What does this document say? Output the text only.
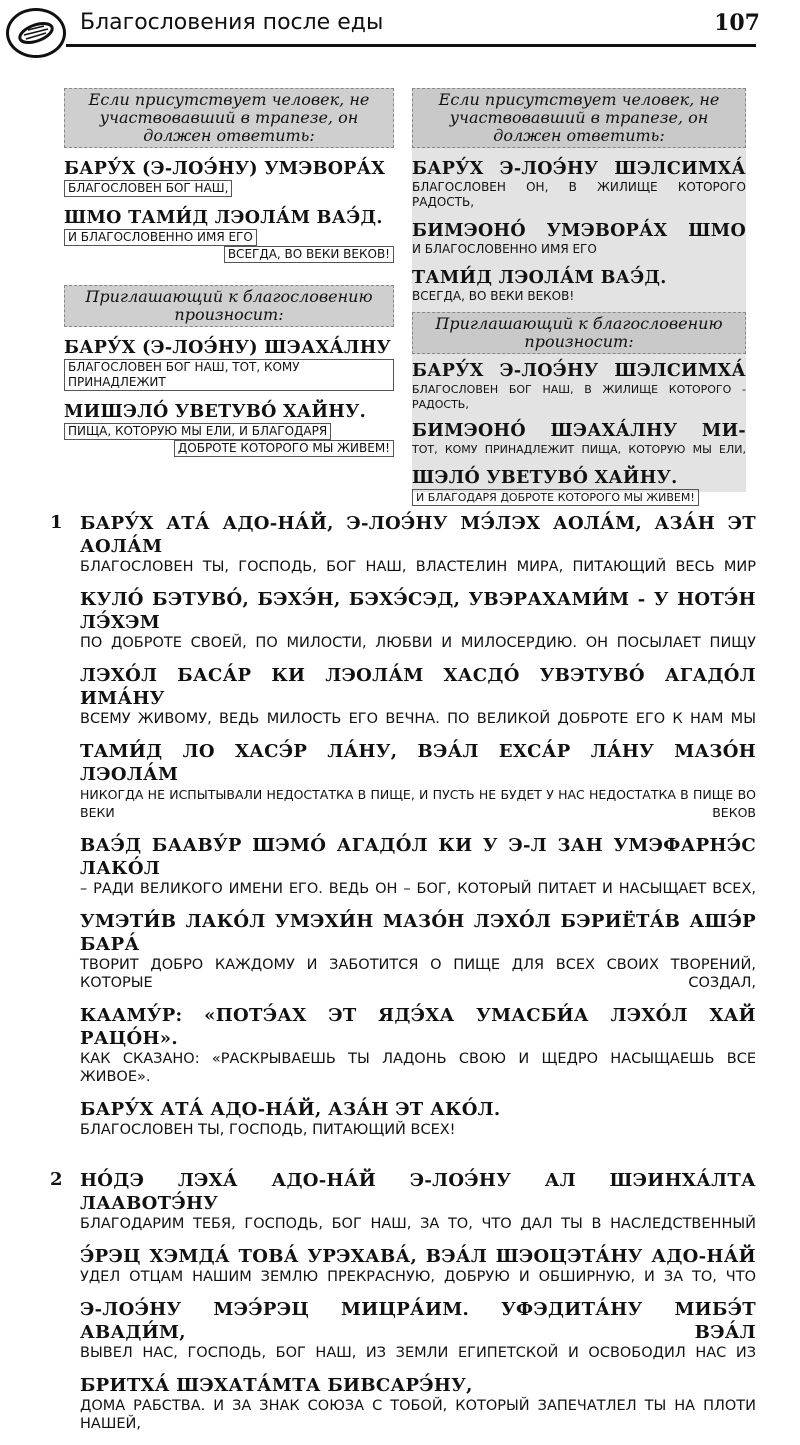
Благословения после еды	107
Если присутствует человек, не участвовавший в трапезе, он должен ответить:
БАРУ́Х (Э-ЛОЭ́НУ) УМЭВОРА́Х
БЛАГОСЛОВЕН БОГ НАШ,
ШМО ТАМИ́Д ЛЭОЛА́М ВАЭ́Д.
И БЛАГОСЛОВЕННО ИМЯ ЕГО
ВСЕГДА, ВО ВЕКИ ВЕКОВ!
Приглашающий к благословению произносит:
БАРУ́Х (Э-ЛОЭ́НУ) ШЭАХА́ЛНУ
БЛАГОСЛОВЕН БОГ НАШ, ТОТ, КОМУ ПРИНАДЛЕЖИТ
МИШЭЛО́ УВЕТУВО́ ХАЙНУ.
ПИЩА, КОТОРУЮ МЫ ЕЛИ, И БЛАГОДАРЯ
ДОБРОТЕ КОТОРОГО МЫ ЖИВЕМ!
Если присутствует человек, не участвовавший в трапезе, он должен ответить:
БАРУ́Х Э-ЛОЭ́НУ ШЭЛСИМХА́
БЛАГОСЛОВЕН ОН, В ЖИЛИЩЕ КОТОРОГО РАДОСТЬ,
БИМЭОНО́ УМЭВОРА́Х ШМО
И БЛАГОСЛОВЕННО ИМЯ ЕГО
ТАМИ́Д ЛЭОЛА́М ВАЭ́Д.
ВСЕГДА, ВО ВЕКИ ВЕКОВ!
Приглашающий к благословению произносит:
БАРУ́Х Э-ЛОЭ́НУ ШЭЛСИМХА́
БЛАГОСЛОВЕН БОГ НАШ, В ЖИЛИЩЕ КОТОРОГО - РАДОСТЬ,
БИМЭОНО́ ШЭАХА́ЛНУ МИ-
ТОТ, КОМУ ПРИНАДЛЕЖИТ ПИЩА, КОТОРУЮ МЫ ЕЛИ,
ШЭЛО́ УВЕТУВО́ ХАЙНУ.
И БЛАГОДАРЯ ДОБРОТЕ КОТОРОГО МЫ ЖИВЕМ!
1 БАРУ́Х АТА́ АДО-НА́Й, Э-ЛОЭ́НУ МЭ́ЛЭХ АОЛА́М, АЗА́Н ЭТ АОЛА́М
БЛАГОСЛОВЕН ТЫ, ГОСПОДЬ, БОГ НАШ, ВЛАСТЕЛИН МИРА, ПИТАЮЩИЙ ВЕСЬ МИР
КУЛО́ БЭТУВО́, БЭХЭ́Н, БЭХЭ́СЭД, УВЭРАХАМИ́М - У НОТЭ́Н ЛЭ́ХЭМ
ПО ДОБРОТЕ СВОЕЙ, ПО МИЛОСТИ, ЛЮБВИ И МИЛОСЕРДИЮ. ОН ПОСЫЛАЕТ ПИЩУ
ЛЭХО́Л БАСА́Р КИ ЛЭОЛА́М ХАСДО́ УВЭТУВО́ АГАДО́Л ИМА́НУ
ВСЕМУ ЖИВОМУ, ВЕДЬ МИЛОСТЬ ЕГО ВЕЧНА. ПО ВЕЛИКОЙ ДОБРОТЕ ЕГО К НАМ МЫ
ТАМИ́Д ЛО ХАСЭ́Р ЛА́НУ, ВЭА́Л ЕХСА́Р ЛА́НУ МАЗО́Н ЛЭОЛА́М
НИКОГДА НЕ ИСПЫТЫВАЛИ НЕДОСТАТКА В ПИЩЕ, И ПУСТЬ НЕ БУДЕТ У НАС НЕДОСТАТКА В ПИЩЕ ВО ВЕКИ ВЕКОВ
ВАЭ́Д БААВУ́Р ШЭМО́ АГАДО́Л КИ У Э-Л ЗАН УМЭФАРНЭ́С ЛАКО́Л
– РАДИ ВЕЛИКОГО ИМЕНИ ЕГО. ВЕДЬ ОН – БОГ, КОТОРЫЙ ПИТАЕТ И НАСЫЩАЕТ ВСЕХ,
УМЭТИ́В ЛАКО́Л УМЭХИ́Н МАЗО́Н ЛЭХО́Л БЭРИЁТА́В АШЭ́Р БАРА́
ТВОРИТ ДОБРО КАЖДОМУ И ЗАБОТИТСЯ О ПИЩЕ ДЛЯ ВСЕХ СВОИХ ТВОРЕНИЙ, КОТОРЫЕ СОЗДАЛ,
КААМУ́Р: «ПОТЭ́АХ ЭТ ЯДЭ́ХА УМАСБИ́А ЛЭХО́Л ХАЙ РАЦО́Н».
КАК СКАЗАНО: «РАСКРЫВАЕШЬ ТЫ ЛАДОНЬ СВОЮ И ЩЕДРО НАСЫЩАЕШЬ ВСЕ ЖИВОЕ».
БАРУ́Х АТА́ АДО-НА́Й, АЗА́Н ЭТ АКО́Л.
БЛАГОСЛОВЕН ТЫ, ГОСПОДЬ, ПИТАЮЩИЙ ВСЕХ!
2 НО́ДЭ ЛЭХА́ АДО-НА́Й Э-ЛОЭ́НУ АЛ ШЭИНХА́ЛТА ЛААВОТЭ́НУ
БЛАГОДАРИМ ТЕБЯ, ГОСПОДЬ, БОГ НАШ, ЗА ТО, ЧТО ДАЛ ТЫ В НАСЛЕДСТВЕННЫЙ
Э́РЭЦ ХЭМДА́ ТОВА́ УРЭХАВА́, ВЭА́Л ШЭОЦЭТА́НУ АДО-НА́Й
УДЕЛ ОТЦАМ НАШИМ ЗЕМЛЮ ПРЕКРАСНУЮ, ДОБРУЮ И ОБШИРНУЮ, И ЗА ТО, ЧТО
Э-ЛОЭ́НУ МЭЭ́РЭЦ МИЦРА́ИМ. УФЭДИТА́НУ МИБЭ́Т АВАДИ́М, ВЭА́Л
ВЫВЕЛ НАС, ГОСПОДЬ, БОГ НАШ, ИЗ ЗЕМЛИ ЕГИПЕТСКОЙ И ОСВОБОДИЛ НАС ИЗ
БРИТХА́ ШЭХАТА́МТА БИВСАРЭ́НУ,
ДОМА РАБСТВА. И ЗА ЗНАК СОЮЗА С ТОБОЙ, КОТОРЫЙ ЗАПЕЧАТЛЕЛ ТЫ НА ПЛОТИ НАШЕЙ,
